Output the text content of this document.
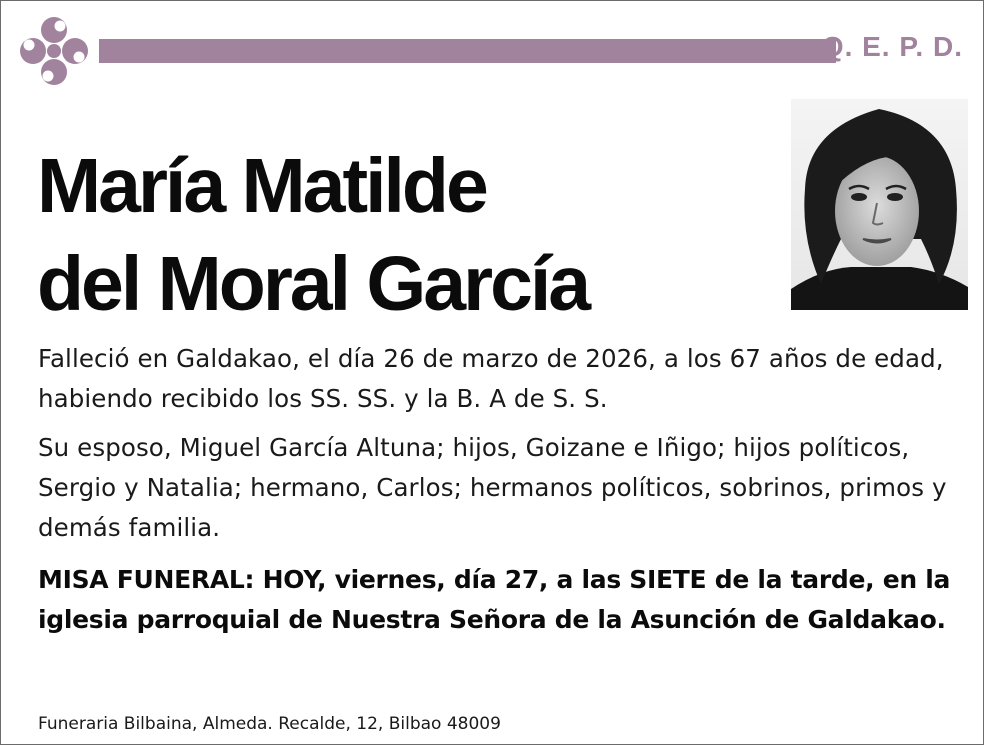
Q. E. P. D.
María Matilde
del Moral García

Falleció en Galdakao, el día 26 de marzo de 2026, a los 67 años de edad, habiendo recibido los SS. SS. y la B. A de S. S.

Su esposo, Miguel García Altuna; hijos, Goizane e Iñigo; hijos políticos, Sergio y Natalia; hermano, Carlos; hermanos políticos, sobrinos, primos y demás familia.

MISA FUNERAL: HOY, viernes, día 27, a las SIETE de la tarde, en la iglesia parroquial de Nuestra Señora de la Asunción de Galdakao.

Funeraria Bilbaina, Almeda. Recalde, 12, Bilbao 48009
